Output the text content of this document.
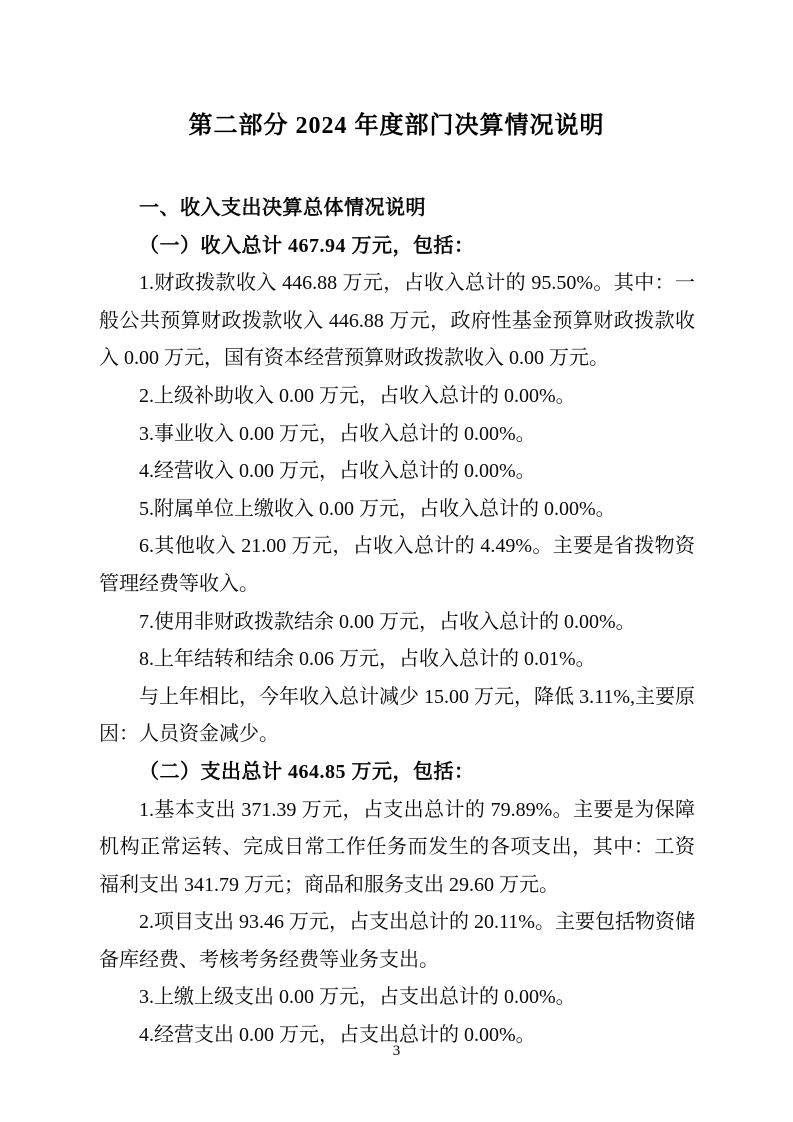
第二部分 2024 年度部门决算情况说明

一、收入支出决算总体情况说明

（一）收入总计 467.94 万元，包括：

1.财政拨款收入 446.88 万元，占收入总计的 95.50%。其中：一般公共预算财政拨款收入 446.88 万元，政府性基金预算财政拨款收入 0.00 万元，国有资本经营预算财政拨款收入 0.00 万元。

2.上级补助收入 0.00 万元，占收入总计的 0.00%。

3.事业收入 0.00 万元，占收入总计的 0.00%。

4.经营收入 0.00 万元，占收入总计的 0.00%。

5.附属单位上缴收入 0.00 万元，占收入总计的 0.00%。

6.其他收入 21.00 万元，占收入总计的 4.49%。主要是省拨物资管理经费等收入。

7.使用非财政拨款结余 0.00 万元，占收入总计的 0.00%。

8.上年结转和结余 0.06 万元，占收入总计的 0.01%。

与上年相比，今年收入总计减少 15.00 万元，降低 3.11%,主要原因：人员资金减少。

（二）支出总计 464.85 万元，包括：

1.基本支出 371.39 万元，占支出总计的 79.89%。主要是为保障机构正常运转、完成日常工作任务而发生的各项支出，其中：工资福利支出 341.79 万元；商品和服务支出 29.60 万元。

2.项目支出 93.46 万元，占支出总计的 20.11%。主要包括物资储备库经费、考核考务经费等业务支出。

3.上缴上级支出 0.00 万元，占支出总计的 0.00%。

4.经营支出 0.00 万元，占支出总计的 0.00%。

3
